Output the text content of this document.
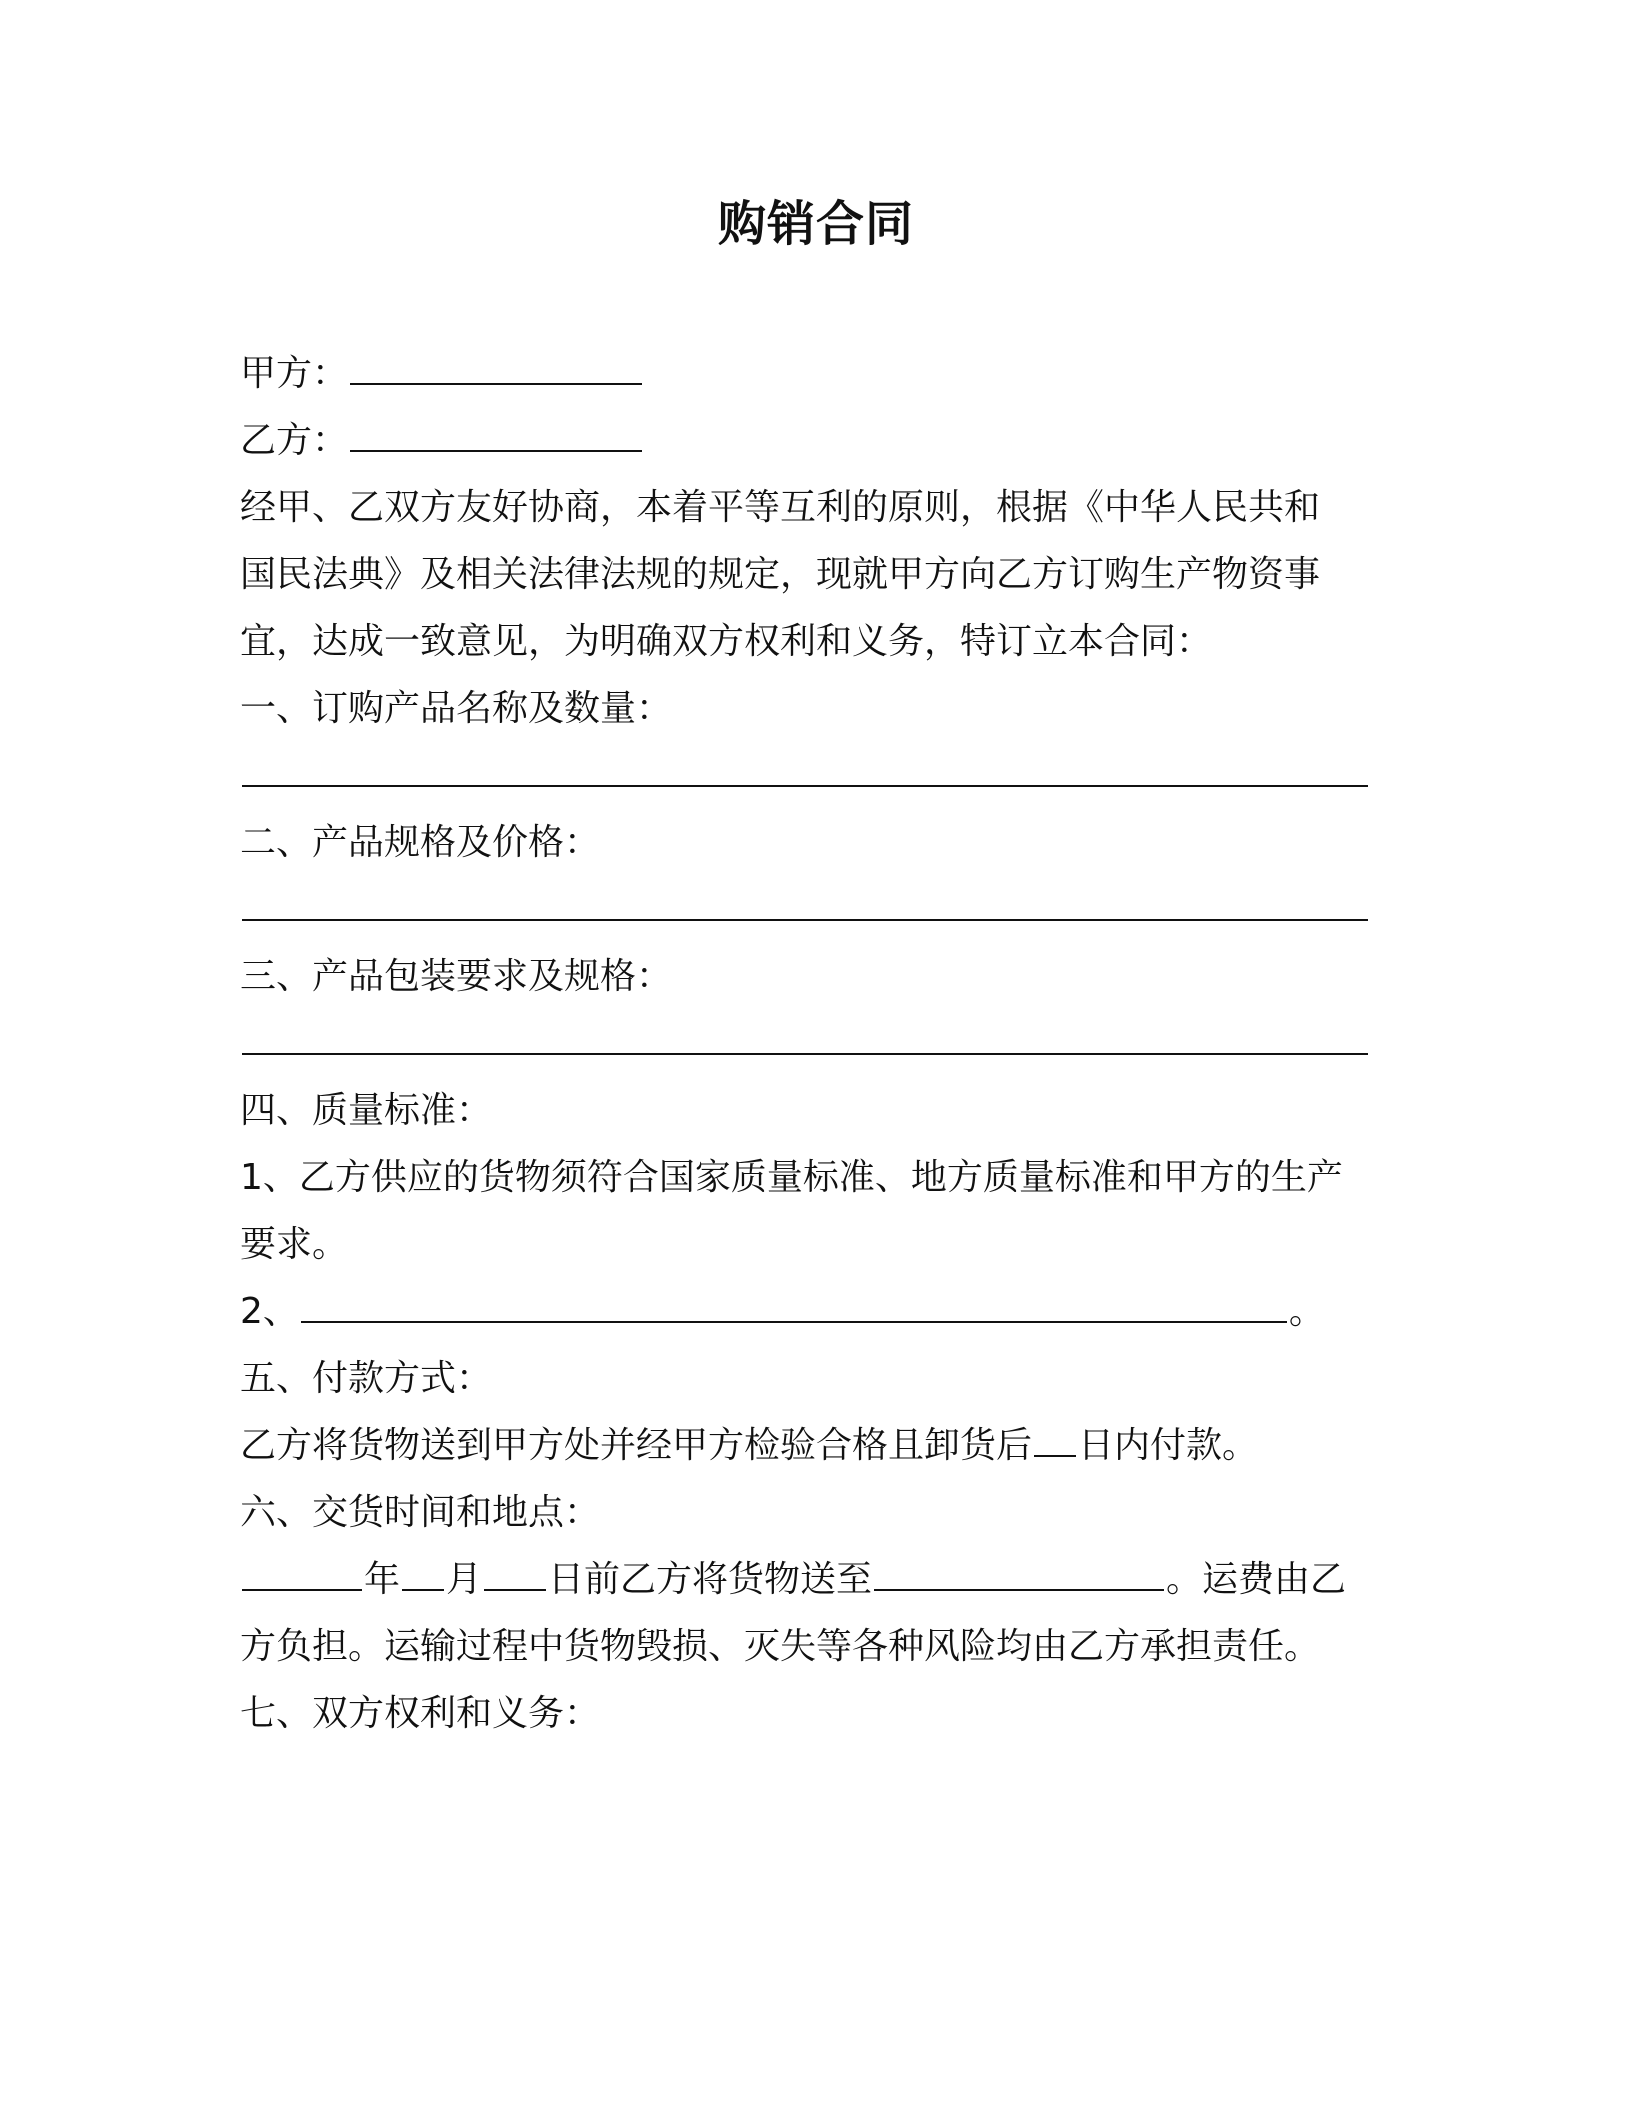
购销合同
甲方：
乙方：
经甲、乙双方友好协商，本着平等互利的原则，根据《中华人民共和
国民法典》及相关法律法规的规定，现就甲方向乙方订购生产物资事
宜，达成一致意见，为明确双方权利和义务，特订立本合同：
一、订购产品名称及数量：
二、产品规格及价格：
三、产品包装要求及规格：
四、质量标准：
1、乙方供应的货物须符合国家质量标准、地方质量标准和甲方的生产
要求。
2、	。
五、付款方式：
乙方将货物送到甲方处并经甲方检验合格且卸货后 日内付款。
六、交货时间和地点：
年 月 日前乙方将货物送至	。运费由乙
方负担。运输过程中货物毁损、灭失等各种风险均由乙方承担责任。
七、双方权利和义务：
